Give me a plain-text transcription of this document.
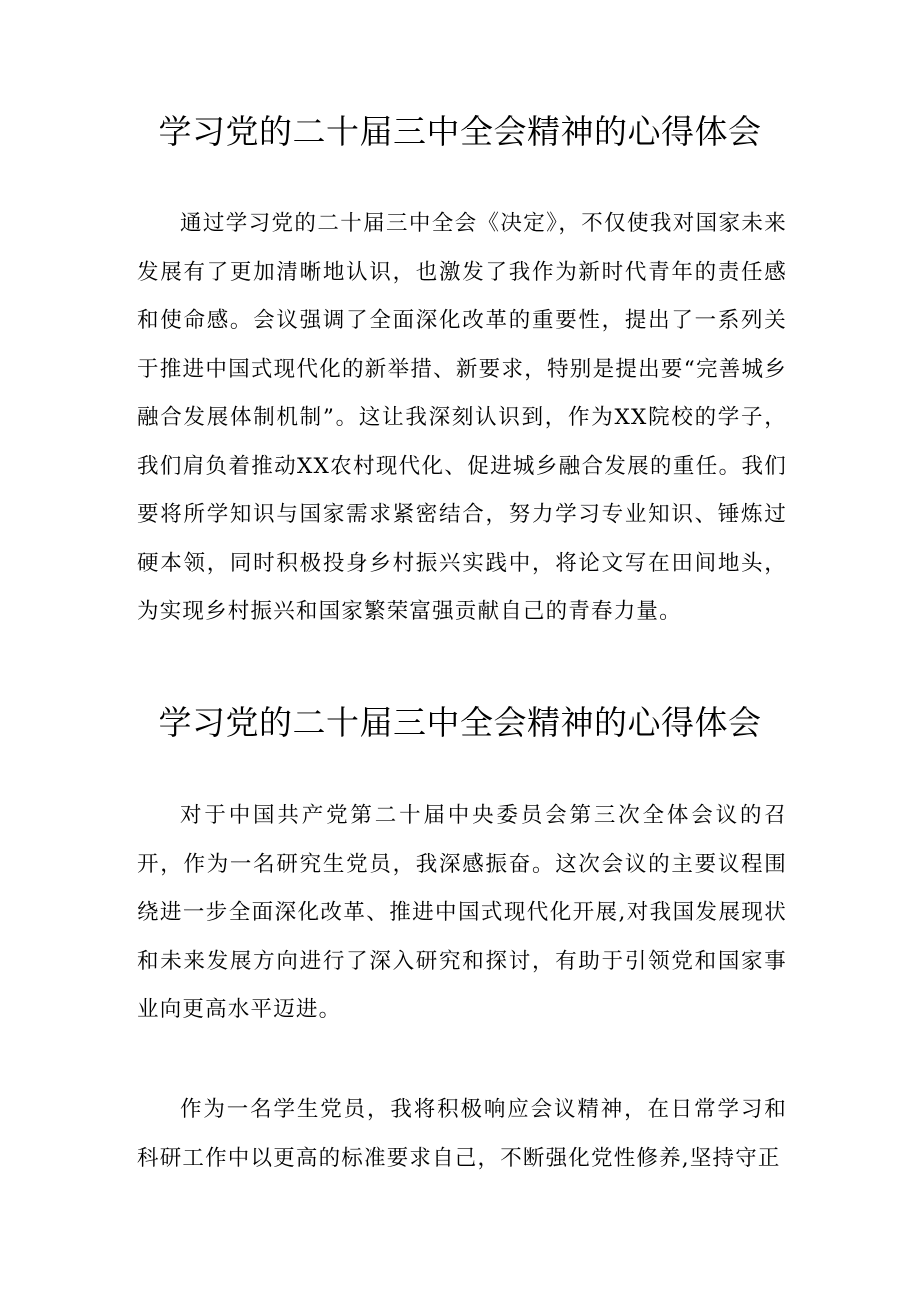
学习党的二十届三中全会精神的心得体会

通过学习党的二十届三中全会《决定》，不仅使我对国家未来发展有了更加清晰地认识，也激发了我作为新时代青年的责任感和使命感。会议强调了全面深化改革的重要性，提出了一系列关于推进中国式现代化的新举措、新要求，特别是提出要“完善城乡融合发展体制机制”。这让我深刻认识到，作为XX院校的学子，我们肩负着推动XX农村现代化、促进城乡融合发展的重任。我们要将所学知识与国家需求紧密结合，努力学习专业知识、锤炼过硬本领，同时积极投身乡村振兴实践中，将论文写在田间地头，为实现乡村振兴和国家繁荣富强贡献自己的青春力量。

学习党的二十届三中全会精神的心得体会

对于中国共产党第二十届中央委员会第三次全体会议的召开，作为一名研究生党员，我深感振奋。这次会议的主要议程围绕进一步全面深化改革、推进中国式现代化开展,对我国发展现状和未来发展方向进行了深入研究和探讨，有助于引领党和国家事业向更高水平迈进。

作为一名学生党员，我将积极响应会议精神，在日常学习和科研工作中以更高的标准要求自己，不断强化党性修养,坚持守正
